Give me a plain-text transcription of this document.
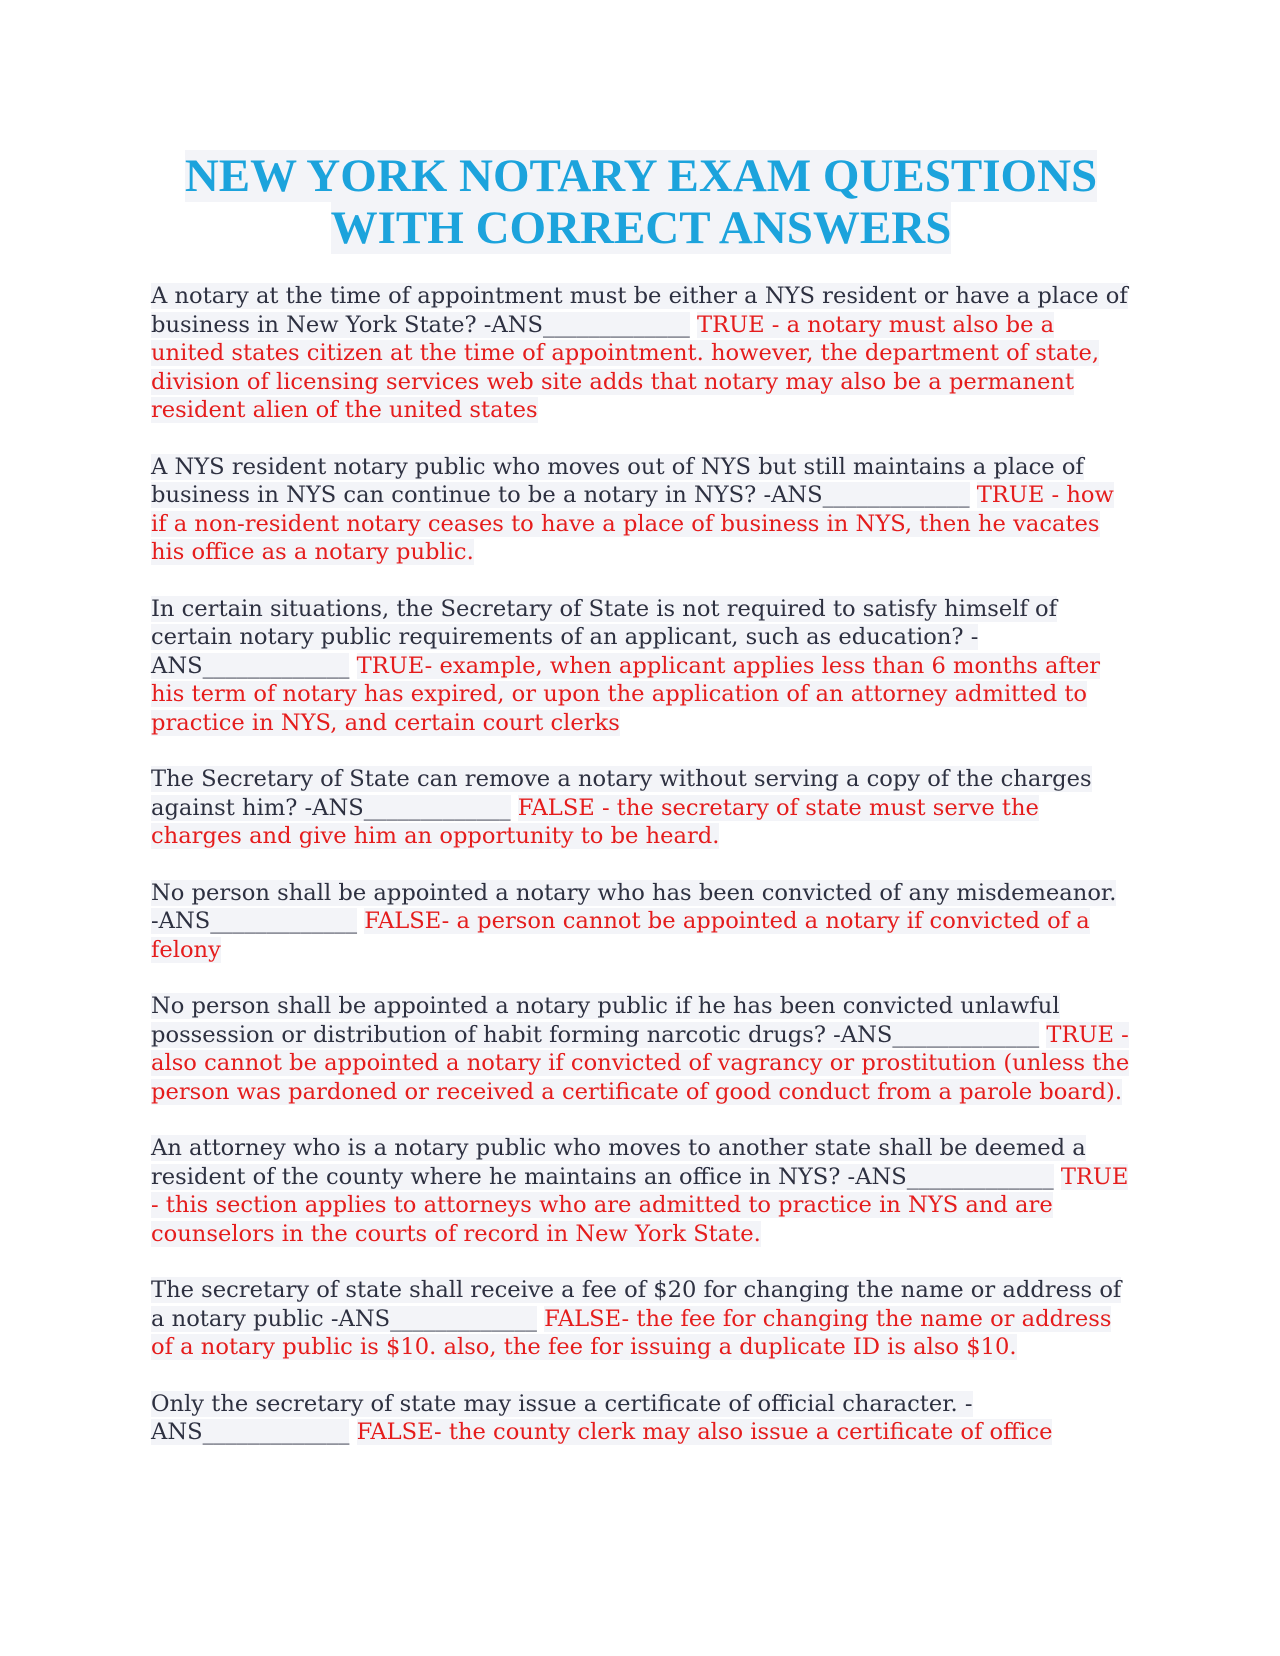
NEW YORK NOTARY EXAM QUESTIONS
WITH CORRECT ANSWERS
A notary at the time of appointment must be either a NYS resident or have a place of business in New York State? -ANS_____________ TRUE - a notary must also be a united states citizen at the time of appointment. however, the department of state, division of licensing services web site adds that notary may also be a permanent resident alien of the united states
A NYS resident notary public who moves out of NYS but still maintains a place of business in NYS can continue to be a notary in NYS? -ANS_____________ TRUE - how if a non-resident notary ceases to have a place of business in NYS, then he vacates his office as a notary public.
In certain situations, the Secretary of State is not required to satisfy himself of certain notary public requirements of an applicant, such as education? -ANS_____________ TRUE- example, when applicant applies less than 6 months after his term of notary has expired, or upon the application of an attorney admitted to practice in NYS, and certain court clerks
The Secretary of State can remove a notary without serving a copy of the charges against him? -ANS_____________ FALSE - the secretary of state must serve the charges and give him an opportunity to be heard.
No person shall be appointed a notary who has been convicted of any misdemeanor. -ANS_____________ FALSE- a person cannot be appointed a notary if convicted of a felony
No person shall be appointed a notary public if he has been convicted unlawful possession or distribution of habit forming narcotic drugs? -ANS_____________ TRUE - also cannot be appointed a notary if convicted of vagrancy or prostitution (unless the person was pardoned or received a certificate of good conduct from a parole board).
An attorney who is a notary public who moves to another state shall be deemed a resident of the county where he maintains an office in NYS? -ANS_____________ TRUE - this section applies to attorneys who are admitted to practice in NYS and are counselors in the courts of record in New York State.
The secretary of state shall receive a fee of $20 for changing the name or address of a notary public -ANS_____________ FALSE- the fee for changing the name or address of a notary public is $10. also, the fee for issuing a duplicate ID is also $10.
Only the secretary of state may issue a certificate of official character. -ANS_____________ FALSE- the county clerk may also issue a certificate of office
